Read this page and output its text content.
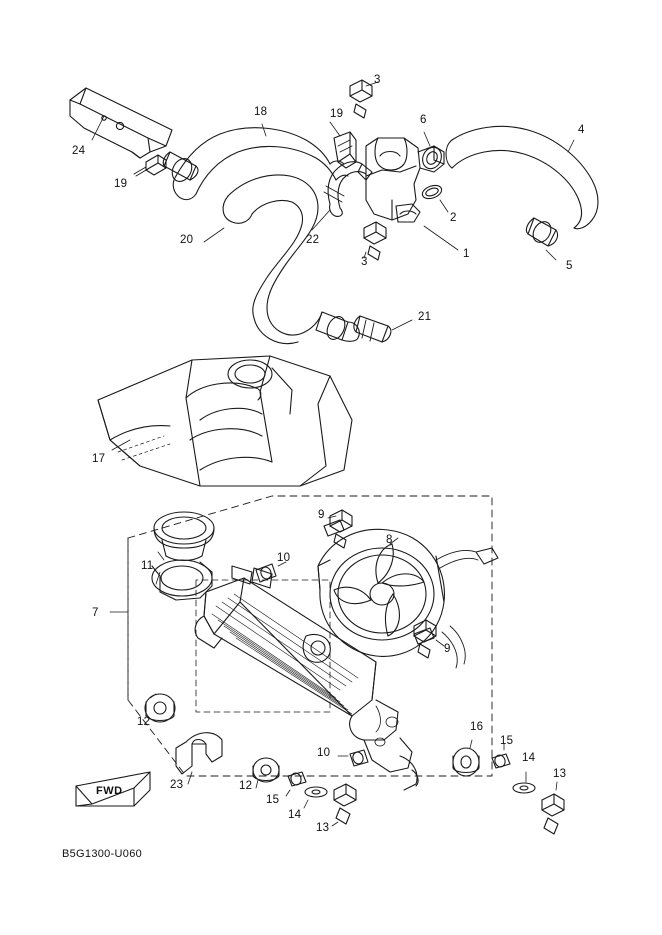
24
19
18	19
3
6
4
2
1
3
22
20
5
21
17
9
8
11
10
7
9
12
10
16
15
14
13
23	12
15
14
13
FWD
B5G1300-U060
